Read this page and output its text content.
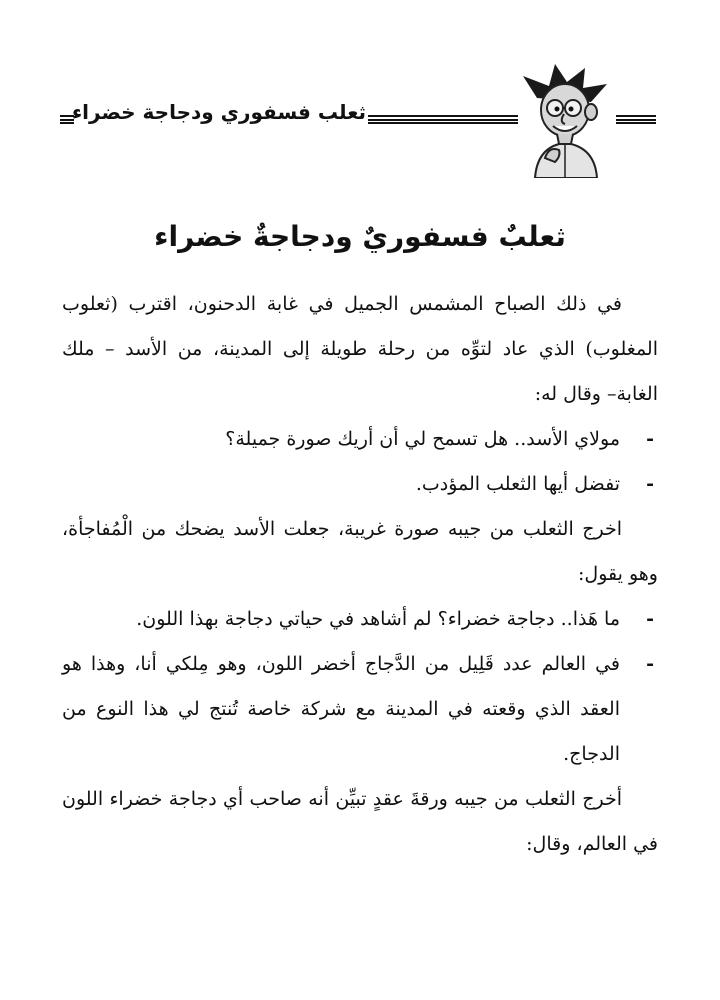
ثعلب فسفوري ودجاجة خضراء
ثعلبٌ فسفوريٌ ودجاجةٌ خضراء

في ذلك الصباح المشمس الجميل في غابة الدحنون، اقترب (ثعلوب المغلوب) الذي عاد لتوِّه من رحلة طويلة إلى المدينة، من الأسد – ملك الغابة– وقال له:

-
مولاي الأسد.. هل تسمح لي أن أريك صورة جميلة؟

-
تفضل أيها الثعلب المؤدب.

اخرج الثعلب من جيبه صورة غريبة، جعلت الأسد يضحك من الْمُفاجأة، وهو يقول:

-
ما هَذا.. دجاجة خضراء؟ لم أشاهد في حياتي دجاجة بهذا اللون.

-
في العالم عدد قَلِيل من الدَّجاج أخضر اللون، وهو مِلكي أنا، وهذا هو العقد الذي وقعته في المدينة مع شركة خاصة تُنتج لي هذا النوع من الدجاج.

أخرج الثعلب من جيبه ورقةَ عقدٍ تبيِّن أنه صاحب أي دجاجة خضراء اللون في العالم، وقال:
